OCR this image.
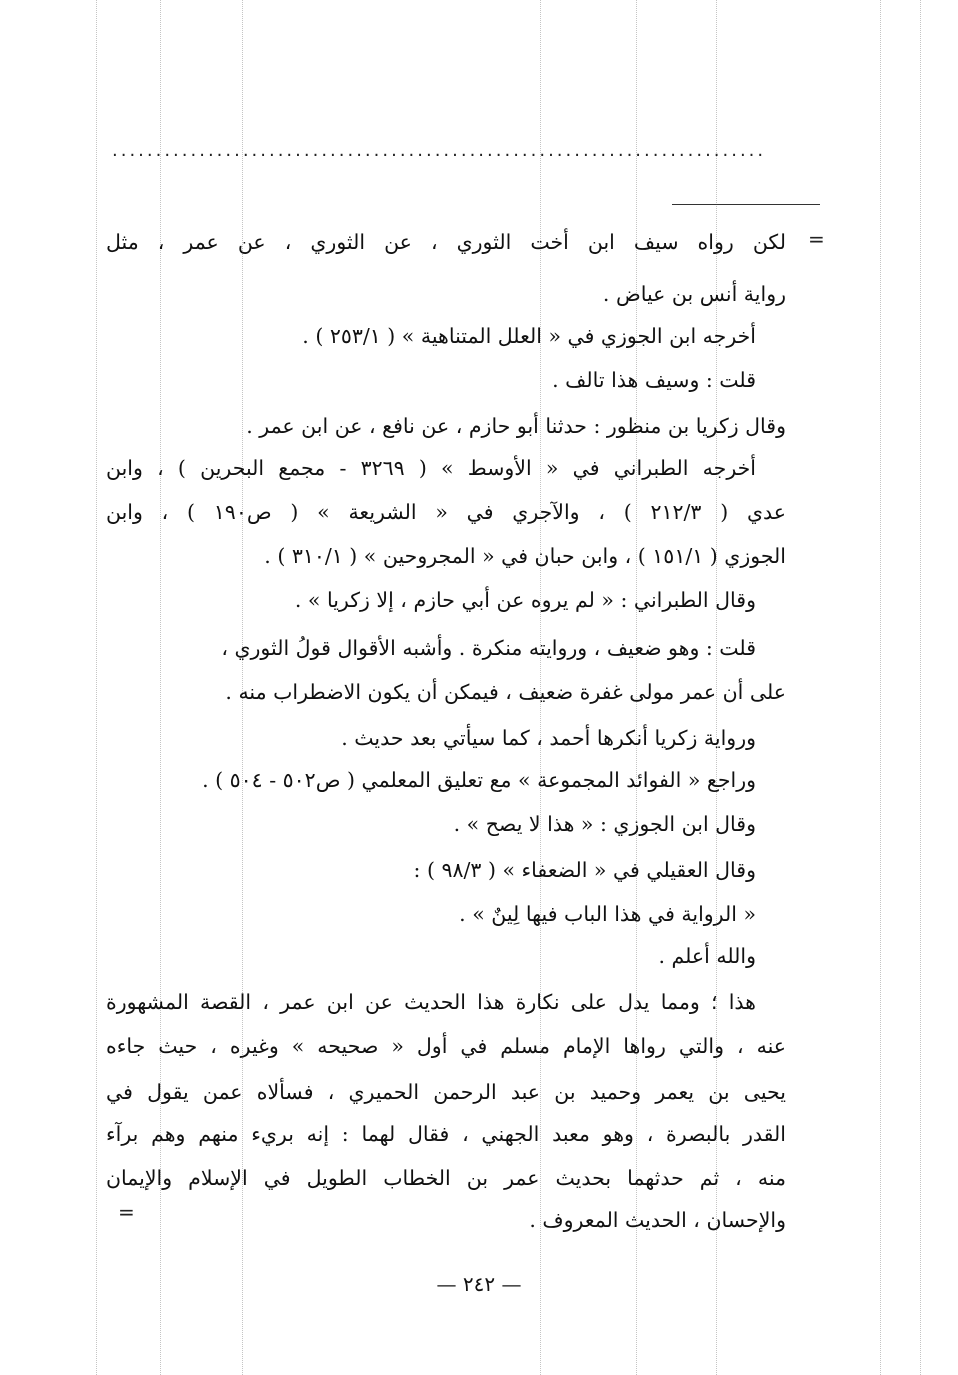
...........................................................................
=
=
لكن رواه سيف ابن أخت الثوري ، عن الثوري ، عن عمر ، مثل
رواية أنس بن عياض .
أخرجه ابن الجوزي في « العلل المتناهية » ( ٢٥٣/١ ) .
قلت : وسيف هذا تالف .
وقال زكريا بن منظور : حدثنا أبو حازم ، عن نافع ، عن ابن عمر .
أخرجه الطبراني في « الأوسط » ( ٣٢٦٩ - مجمع البحرين ) ، وابن
عدي ( ٢١٢/٣ ) ، والآجري في « الشريعة » ( ص١٩٠ ) ، وابن
الجوزي ( ١٥١/١ ) ، وابن حبان في « المجروحين » ( ٣١٠/١ ) .
وقال الطبراني : « لم يروه عن أبي حازم ، إلا زكريا » .
قلت : وهو ضعيف ، وروايته منكرة . وأشبه الأقوال قولُ الثوري ،
على أن عمر مولى غفرة ضعيف ، فيمكن أن يكون الاضطراب منه .
ورواية زكريا أنكرها أحمد ، كما سيأتي بعد حديث .
وراجع « الفوائد المجموعة » مع تعليق المعلمي ( ص٥٠٢ - ٥٠٤ ) .
وقال ابن الجوزي : « هذا لا يصح » .
وقال العقيلي في « الضعفاء » ( ٩٨/٣ ) :
« الرواية في هذا الباب فيها لِينٌ » .
والله أعلم .
هذا ؛ ومما يدل على نكارة هذا الحديث عن ابن عمر ، القصة المشهورة
عنه ، والتي رواها الإمام مسلم في أول « صحيحه » وغيره ، حيث جاءه
يحيى بن يعمر وحميد بن عبد الرحمن الحميري ، فسألاه عمن يقول في
القدر بالبصرة ، وهو معبد الجهني ، فقال لهما : إنه بريء منهم وهم برآء
منه ، ثم حدثهما بحديث عمر بن الخطاب الطويل في الإسلام والإيمان
والإحسان ، الحديث المعروف .
— ٢٤٢ —
